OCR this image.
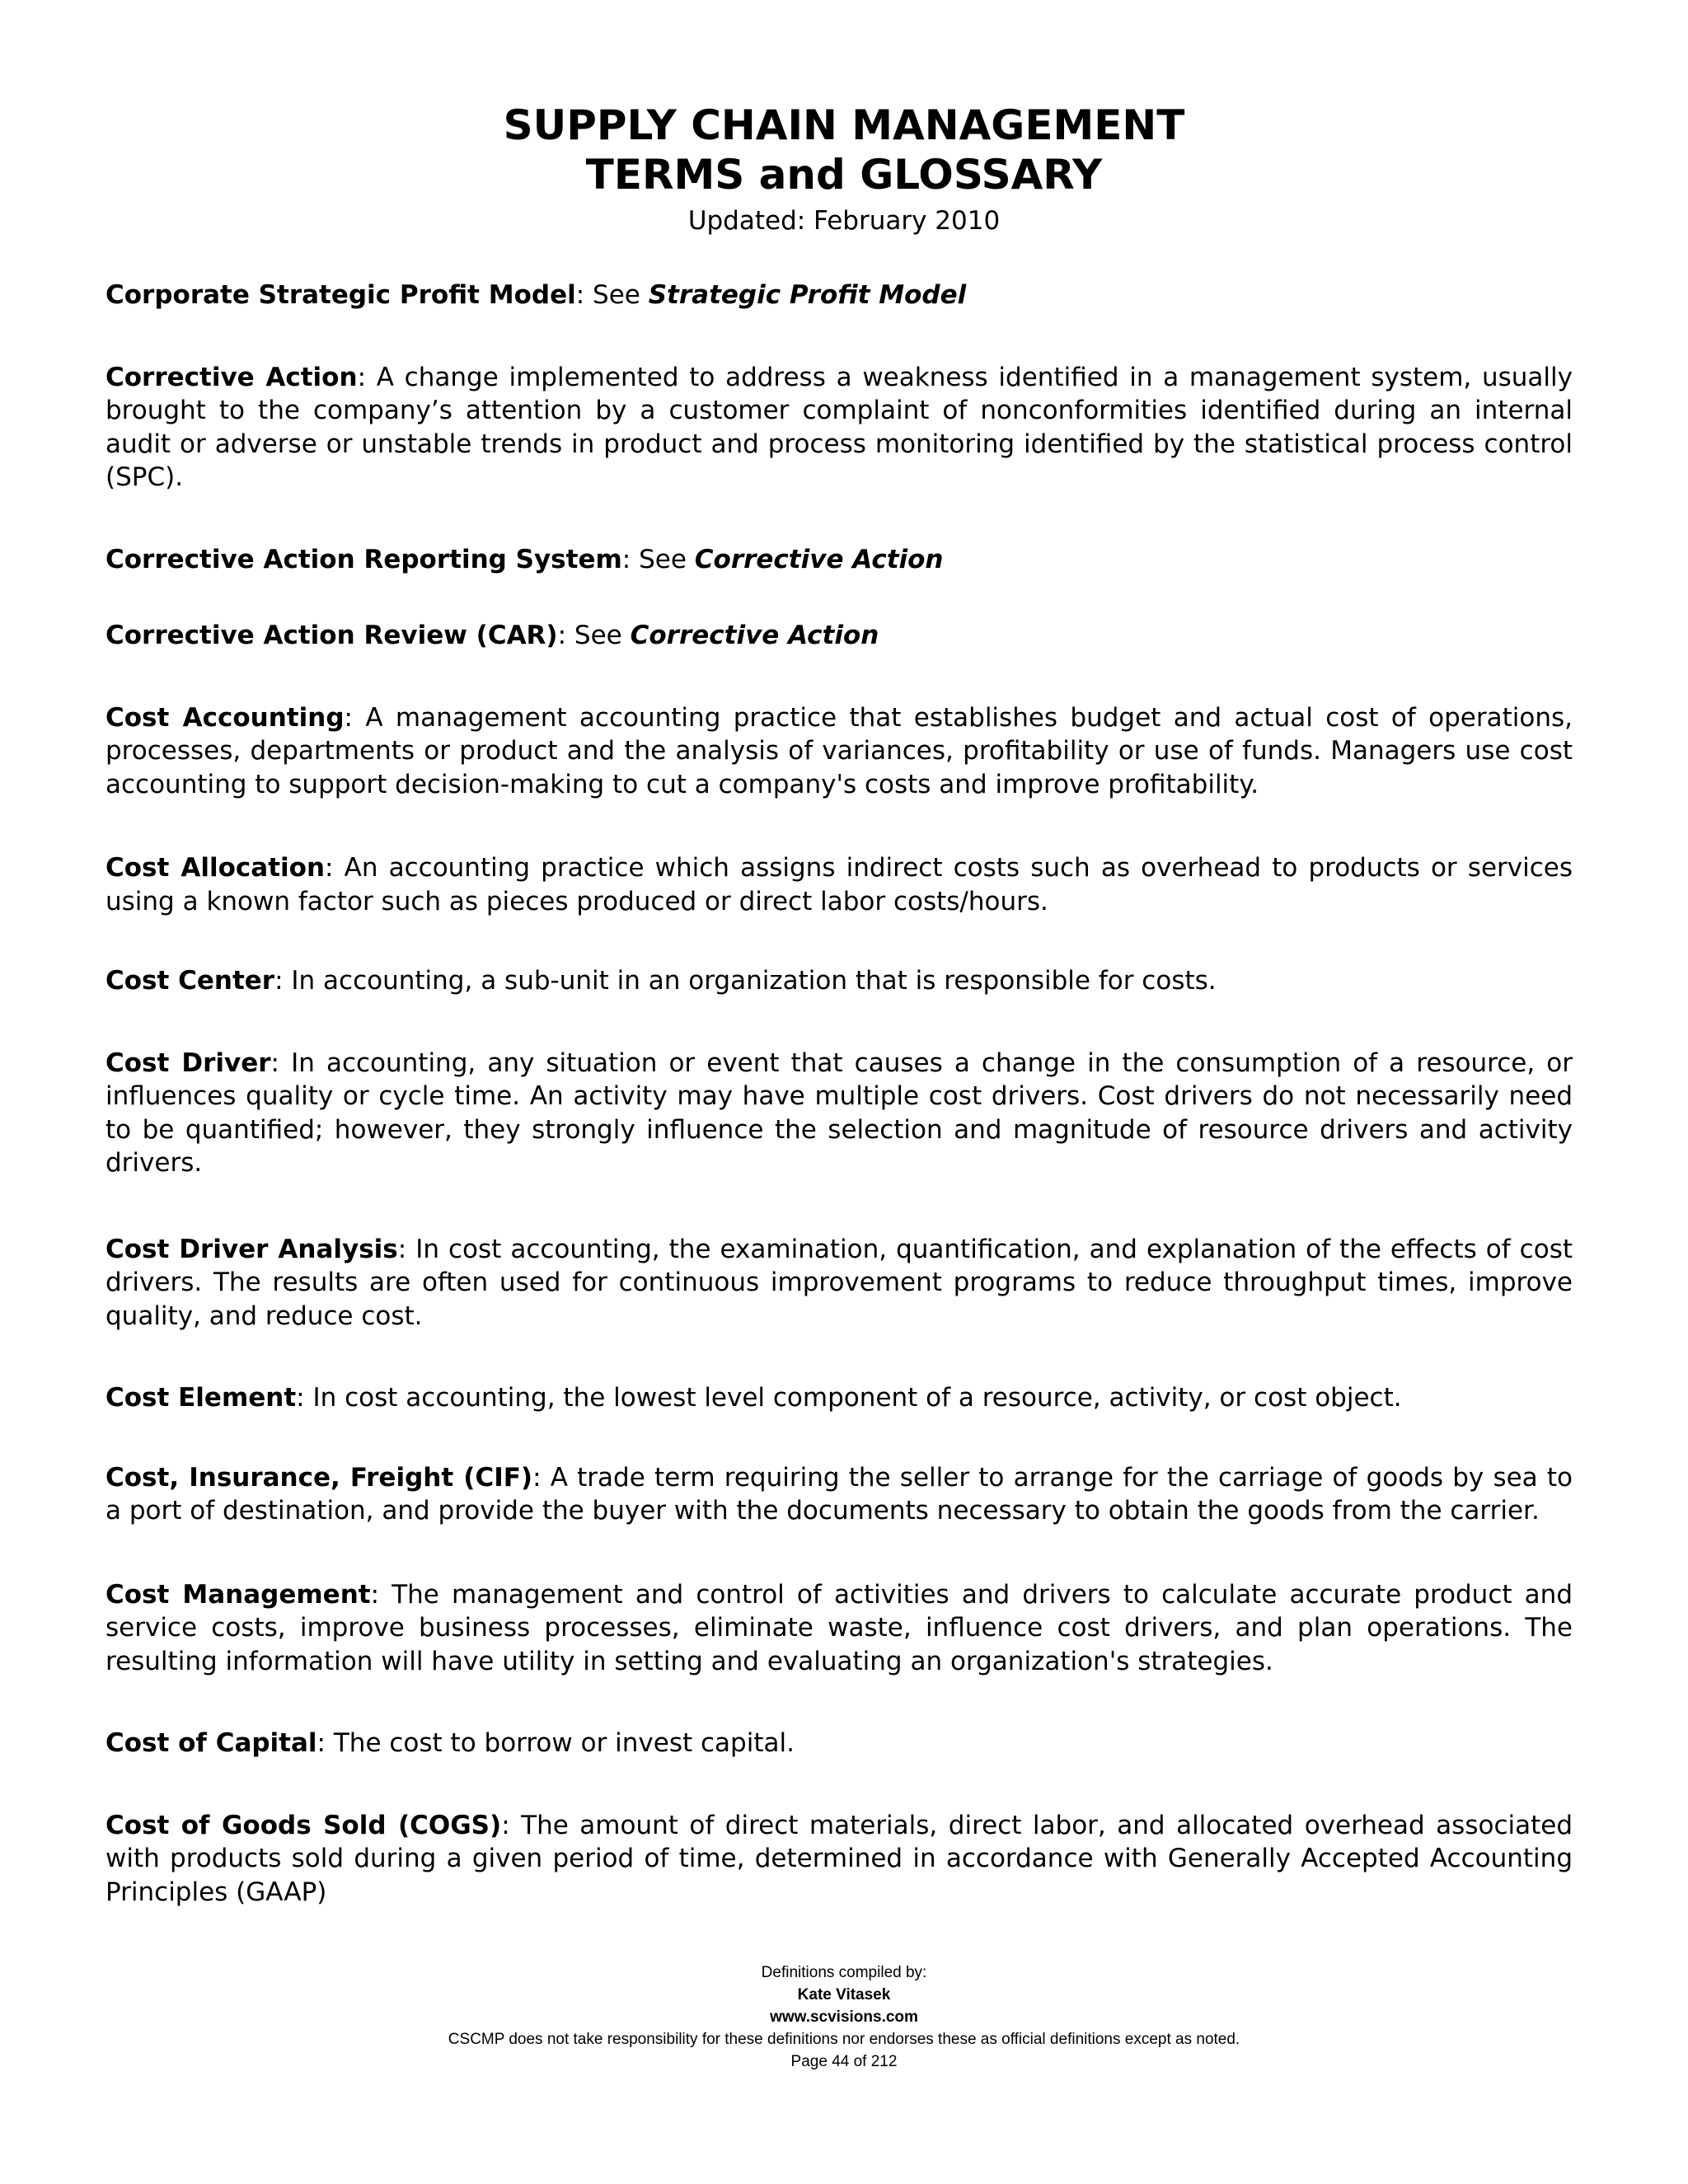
SUPPLY CHAIN MANAGEMENT
TERMS and GLOSSARY
Updated: February 2010

Corporate Strategic Profit Model: See Strategic Profit Model

Corrective Action: A change implemented to address a weakness identified in a management system, usually brought to the company’s attention by a customer complaint of nonconformities identified during an internal audit or adverse or unstable trends in product and process monitoring identified by the statistical process control (SPC).

Corrective Action Reporting System: See Corrective Action

Corrective Action Review (CAR): See Corrective Action

Cost Accounting: A management accounting practice that establishes budget and actual cost of operations, processes, departments or product and the analysis of variances, profitability or use of funds. Managers use cost accounting to support decision-making to cut a company's costs and improve profitability.

Cost Allocation: An accounting practice which assigns indirect costs such as overhead to products or services using a known factor such as pieces produced or direct labor costs/hours.

Cost Center: In accounting, a sub-unit in an organization that is responsible for costs.

Cost Driver: In accounting, any situation or event that causes a change in the consumption of a resource, or influences quality or cycle time. An activity may have multiple cost drivers. Cost drivers do not necessarily need to be quantified; however, they strongly influence the selection and magnitude of resource drivers and activity drivers.

Cost Driver Analysis: In cost accounting, the examination, quantification, and explanation of the effects of cost drivers. The results are often used for continuous improvement programs to reduce throughput times, improve quality, and reduce cost.

Cost Element: In cost accounting, the lowest level component of a resource, activity, or cost object.

Cost, Insurance, Freight (CIF): A trade term requiring the seller to arrange for the carriage of goods by sea to a port of destination, and provide the buyer with the documents necessary to obtain the goods from the carrier.

Cost Management: The management and control of activities and drivers to calculate accurate product and service costs, improve business processes, eliminate waste, influence cost drivers, and plan operations. The resulting information will have utility in setting and evaluating an organization's strategies.

Cost of Capital: The cost to borrow or invest capital.

Cost of Goods Sold (COGS): The amount of direct materials, direct labor, and allocated overhead associated with products sold during a given period of time, determined in accordance with Generally Accepted Accounting Principles (GAAP)

Definitions compiled by:
Kate Vitasek
www.scvisions.com
CSCMP does not take responsibility for these definitions nor endorses these as official definitions except as noted.
Page 44 of 212
